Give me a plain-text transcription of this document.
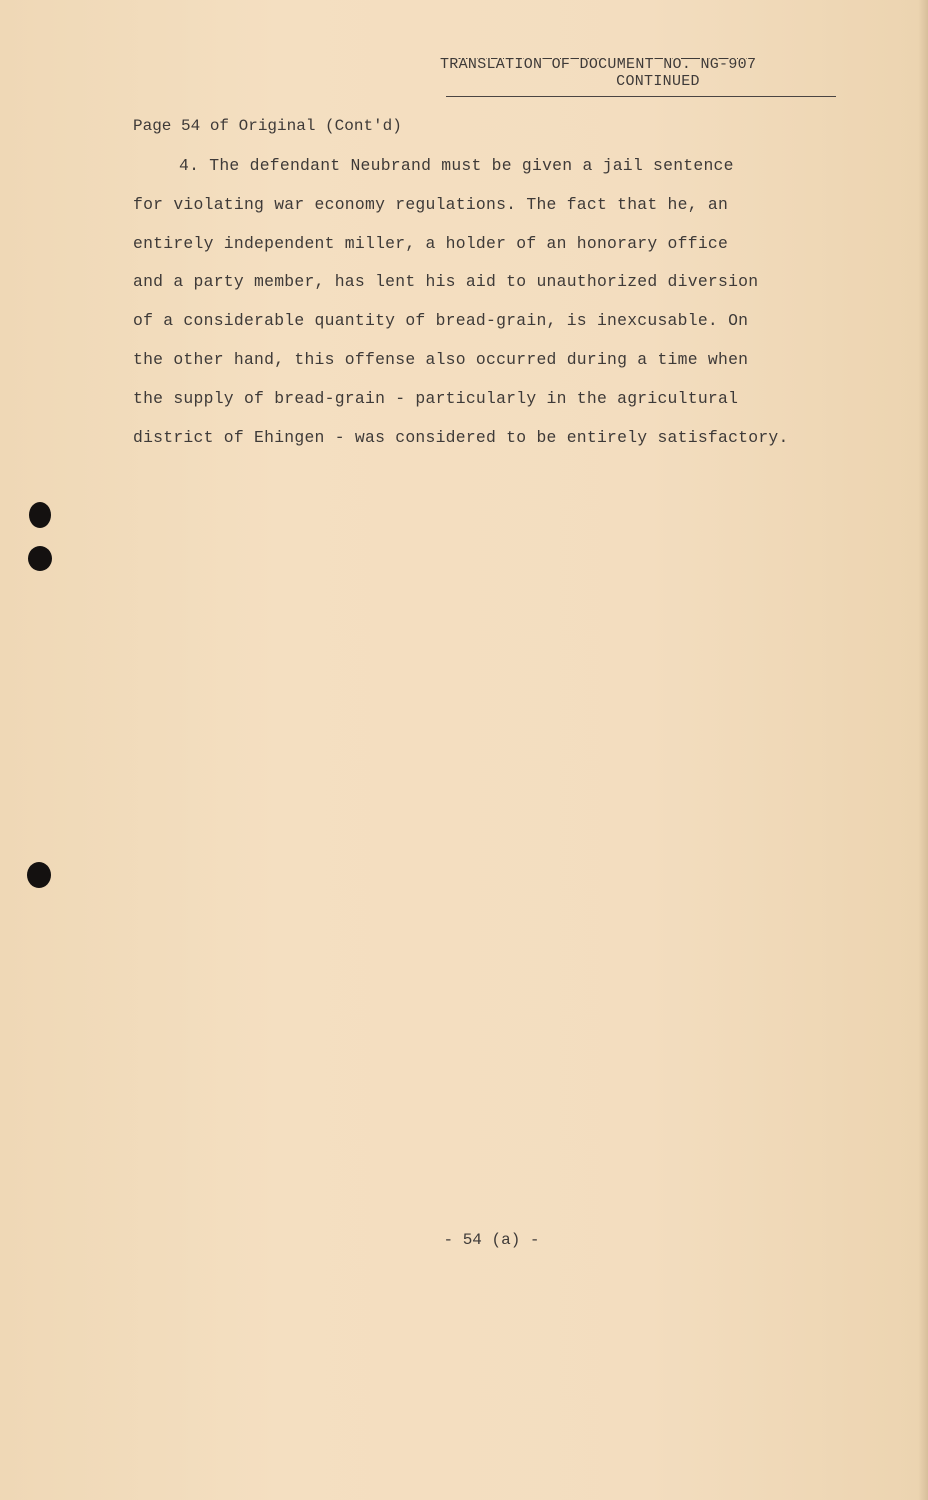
TRANSLATION OF DOCUMENT NO. NG-907
CONTINUED
Page 54 of Original (Cont'd)
4. The defendant Neubrand must be given a jail sentence
for violating war economy regulations. The fact that he, an
entirely independent miller, a holder of an honorary office
and a party member, has lent his aid to unauthorized diversion
of a considerable quantity of bread-grain, is inexcusable. On
the other hand, this offense also occurred during a time when
the supply of bread-grain - particularly in the agricultural
district of Ehingen - was considered to be entirely satisfactory.
- 54 (a) -
